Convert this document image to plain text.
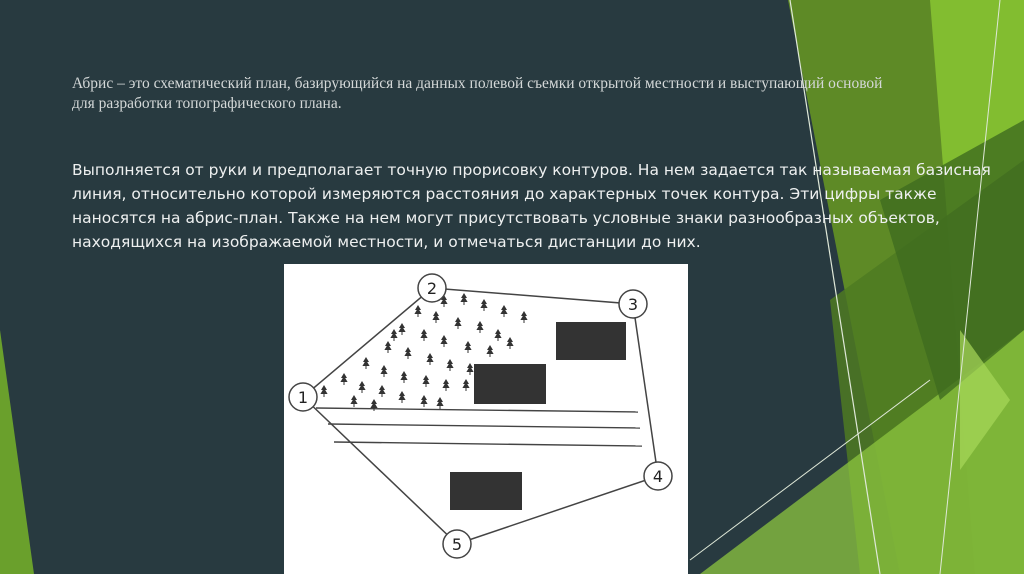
Абрис – это схематический план, базирующийся на данных полевой съемки открытой местности и выступающий основой для разработки топографического плана.

Выполняется от руки и предполагает точную прорисовку контуров. На нем задается так называемая базисная линия, относительно которой измеряются расстояния до характерных точек контура. Эти цифры также наносятся на абрис-план. Также на нем могут присутствовать условные знаки разнообразных объектов, находящихся на изображаемой местности, и отмечаться дистанции до них.

1
2
3
4
5
